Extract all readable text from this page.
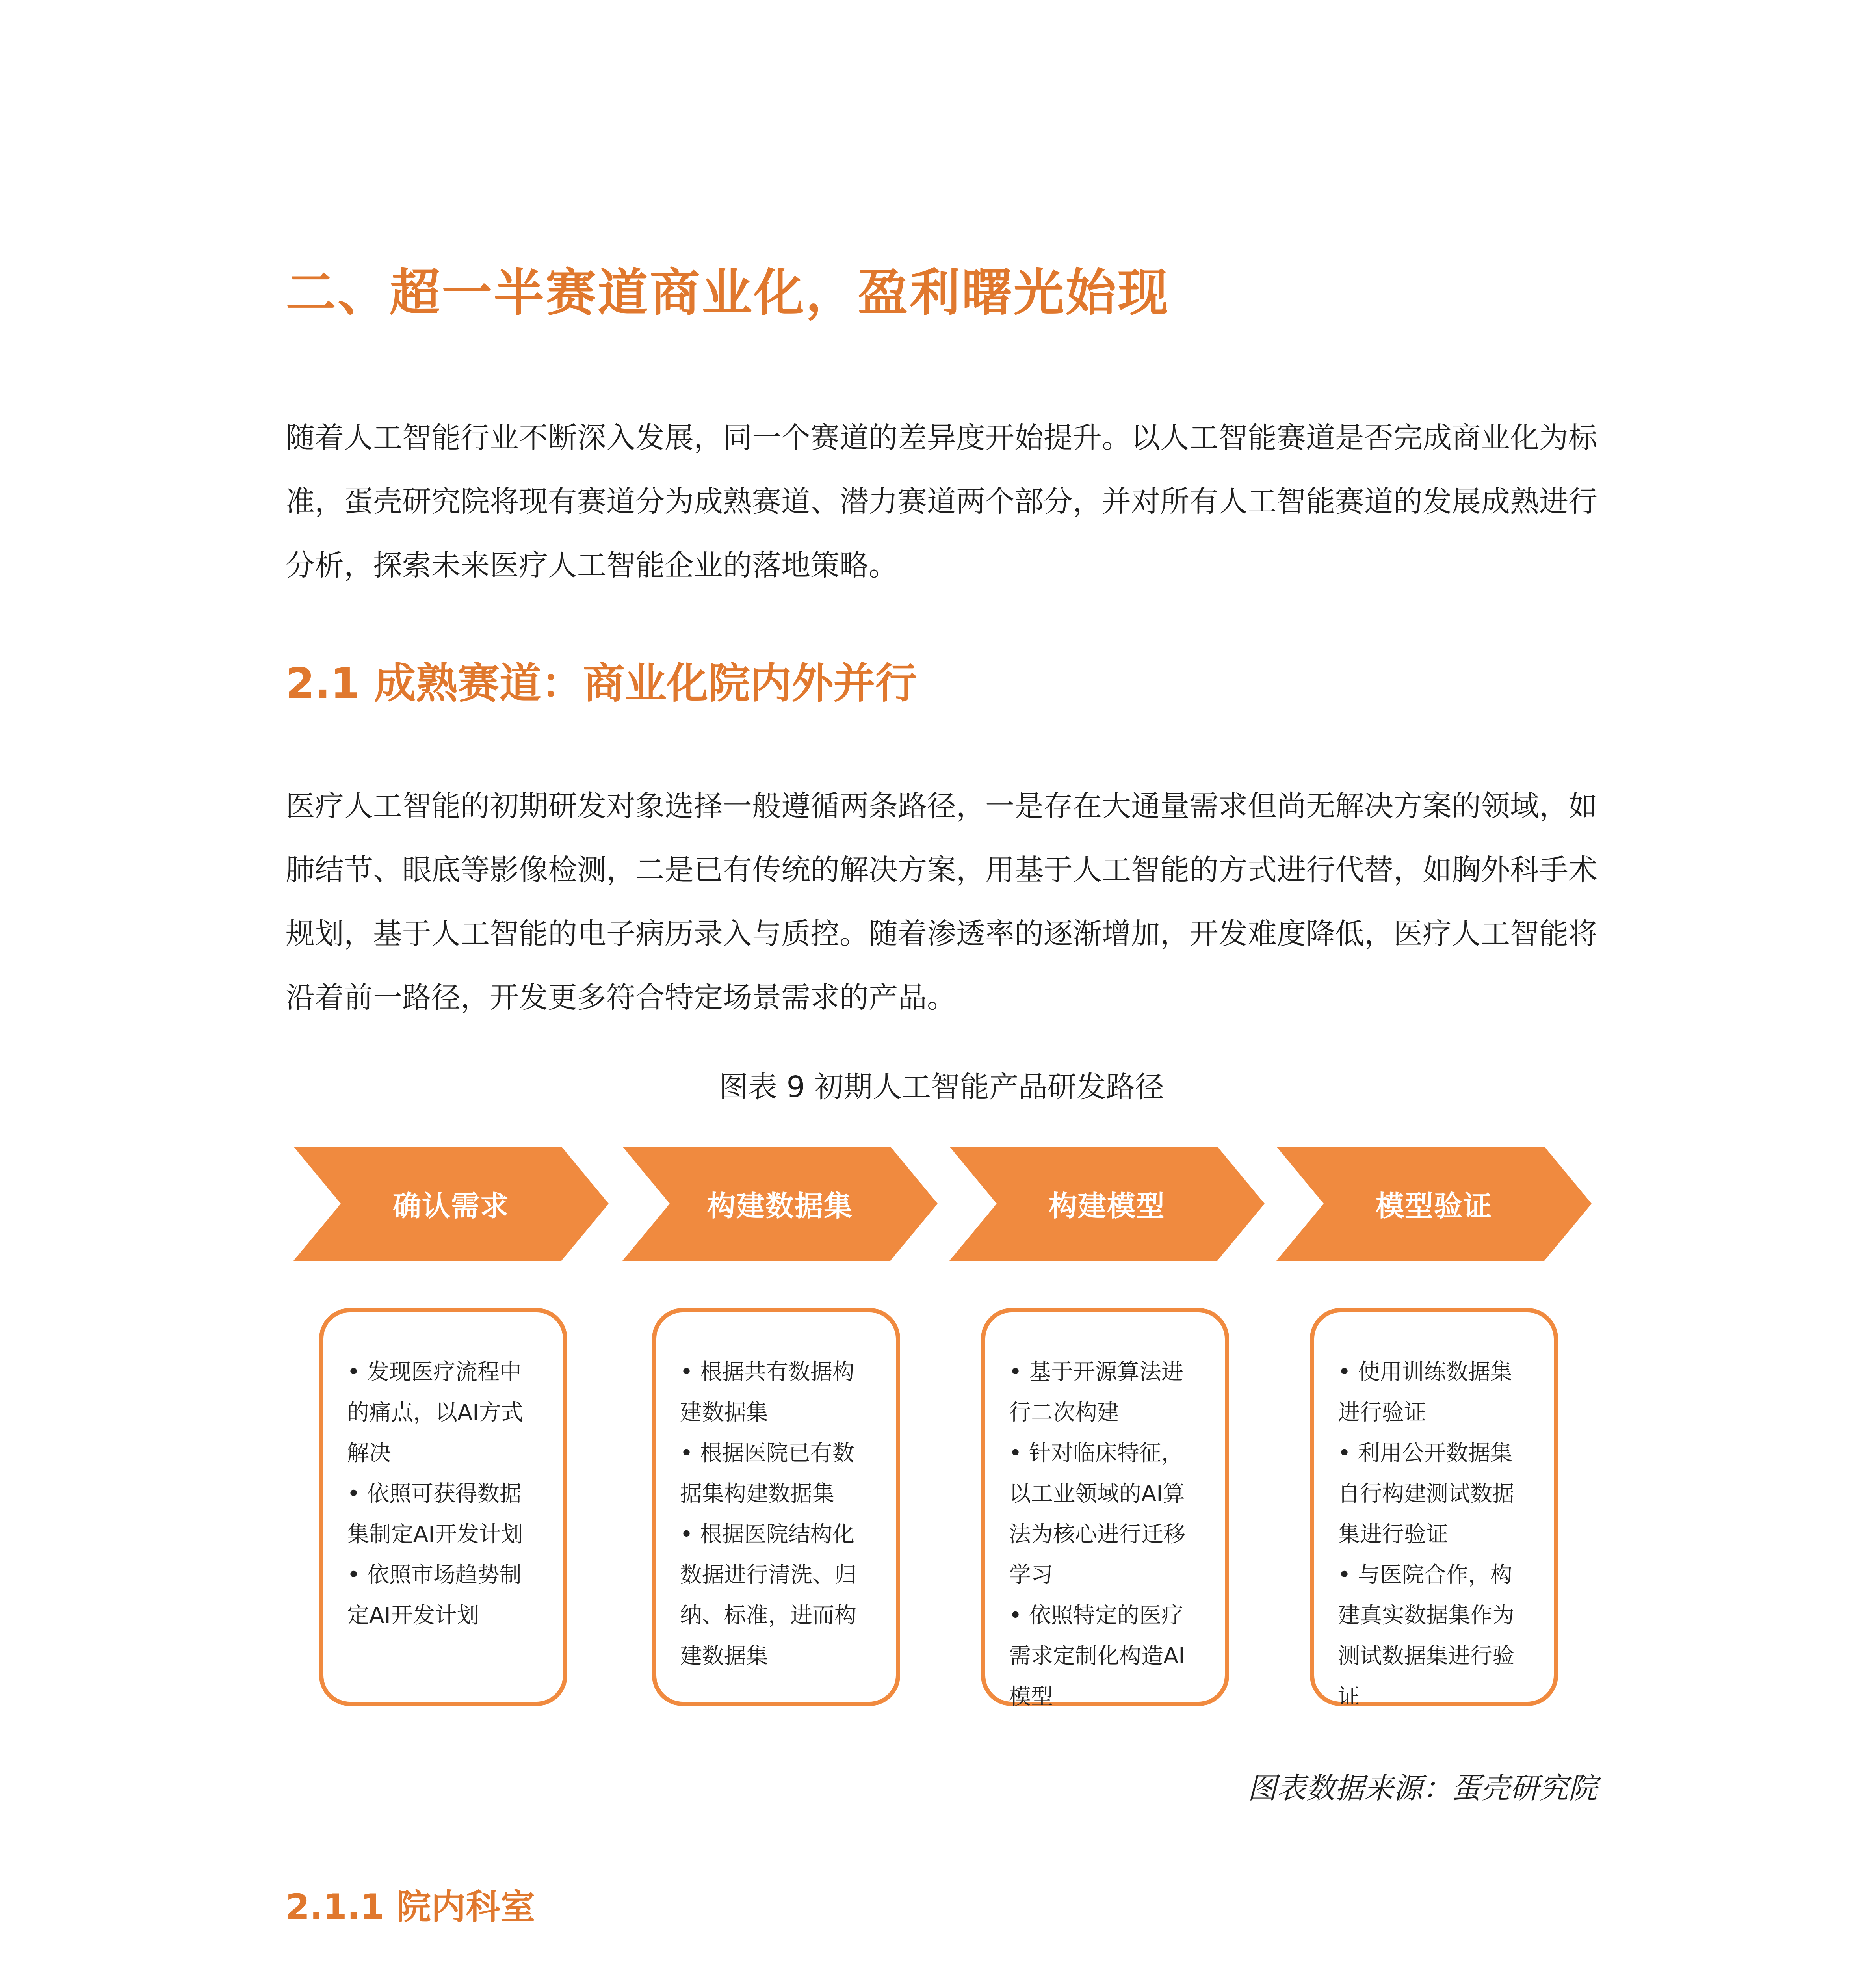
二、超一半赛道商业化，盈利曙光始现
随着人工智能行业不断深入发展，同一个赛道的差异度开始提升。以人工智能赛道是否完成商业化为标准，蛋壳研究院将现有赛道分为成熟赛道、潜力赛道两个部分，并对所有人工智能赛道的发展成熟进行分析，探索未来医疗人工智能企业的落地策略。
2.1 成熟赛道：商业化院内外并行
医疗人工智能的初期研发对象选择一般遵循两条路径，一是存在大通量需求但尚无解决方案的领域，如肺结节、眼底等影像检测，二是已有传统的解决方案，用基于人工智能的方式进行代替，如胸外科手术规划，基于人工智能的电子病历录入与质控。随着渗透率的逐渐增加，开发难度降低，医疗人工智能将沿着前一路径，开发更多符合特定场景需求的产品。
图表 9 初期人工智能产品研发路径
确认需求	构建数据集	构建模型	模型验证

• 发现医疗流程中的痛点，以AI方式解决

• 依照可获得数据集制定AI开发计划

• 依照市场趋势制定AI开发计划

• 根据共有数据构建数据集

• 根据医院已有数据集构建数据集

• 根据医院结构化数据进行清洗、归纳、标准，进而构建数据集

• 基于开源算法进行二次构建

• 针对临床特征，以工业领域的AI算法为核心进行迁移学习

• 依照特定的医疗需求定制化构造AI模型

• 使用训练数据集进行验证

• 利用公开数据集自行构建测试数据集进行验证

• 与医院合作，构建真实数据集作为测试数据集进行验证

图表数据来源：蛋壳研究院
2.1.1 院内科室
